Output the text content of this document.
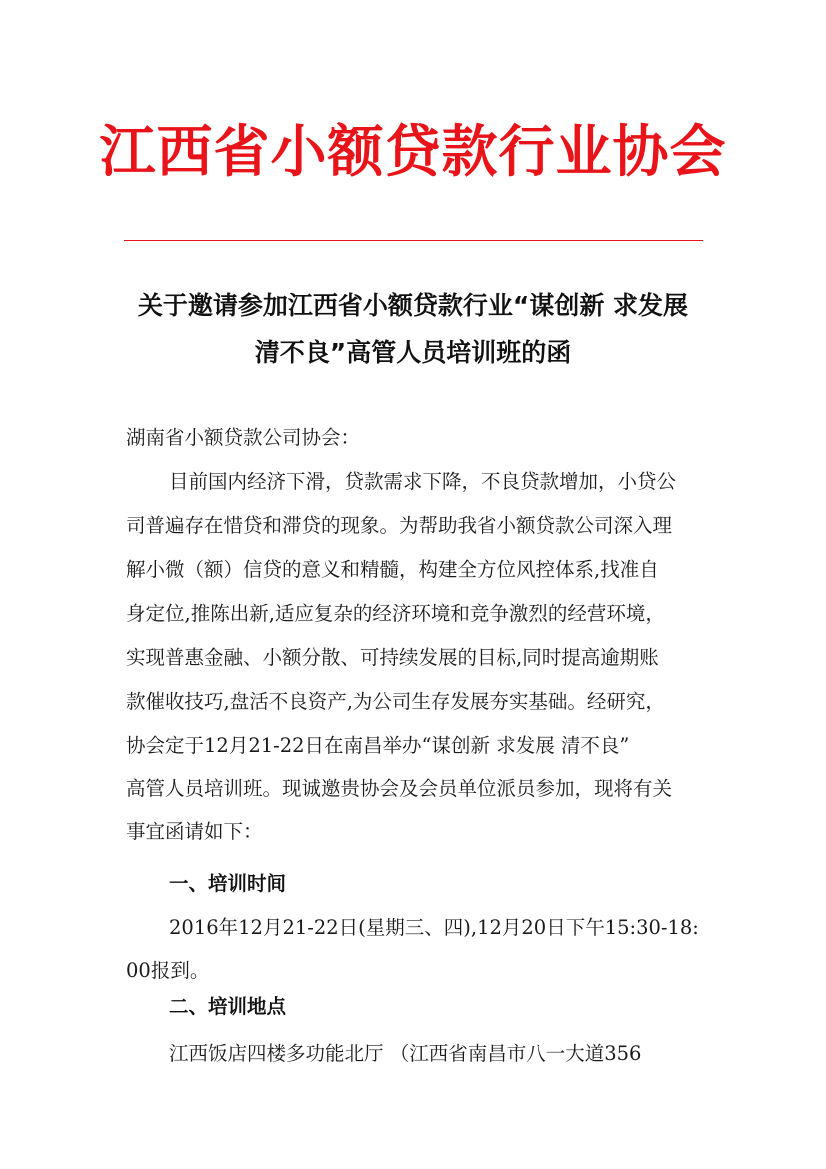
江西省小额贷款行业协会
关于邀请参加江西省小额贷款行业“谋创新 求发展
清不良”高管人员培训班的函
湖南省小额贷款公司协会：
目前国内经济下滑，贷款需求下降，不良贷款增加，小贷公
司普遍存在惜贷和滞贷的现象。为帮助我省小额贷款公司深入理
解小微（额）信贷的意义和精髓，构建全方位风控体系,找准自
身定位,推陈出新,适应复杂的经济环境和竞争激烈的经营环境，
实现普惠金融、小额分散、可持续发展的目标,同时提高逾期账
款催收技巧,盘活不良资产,为公司生存发展夯实基础。经研究，
协会定于12月21-22日在南昌举办“谋创新 求发展 清不良”
高管人员培训班。现诚邀贵协会及会员单位派员参加，现将有关
事宜函请如下：
一、培训时间
2016年12月21-22日(星期三、四),12月20日下午15:30-18:
00报到。
二、培训地点
江西饭店四楼多功能北厅 （江西省南昌市八一大道356
